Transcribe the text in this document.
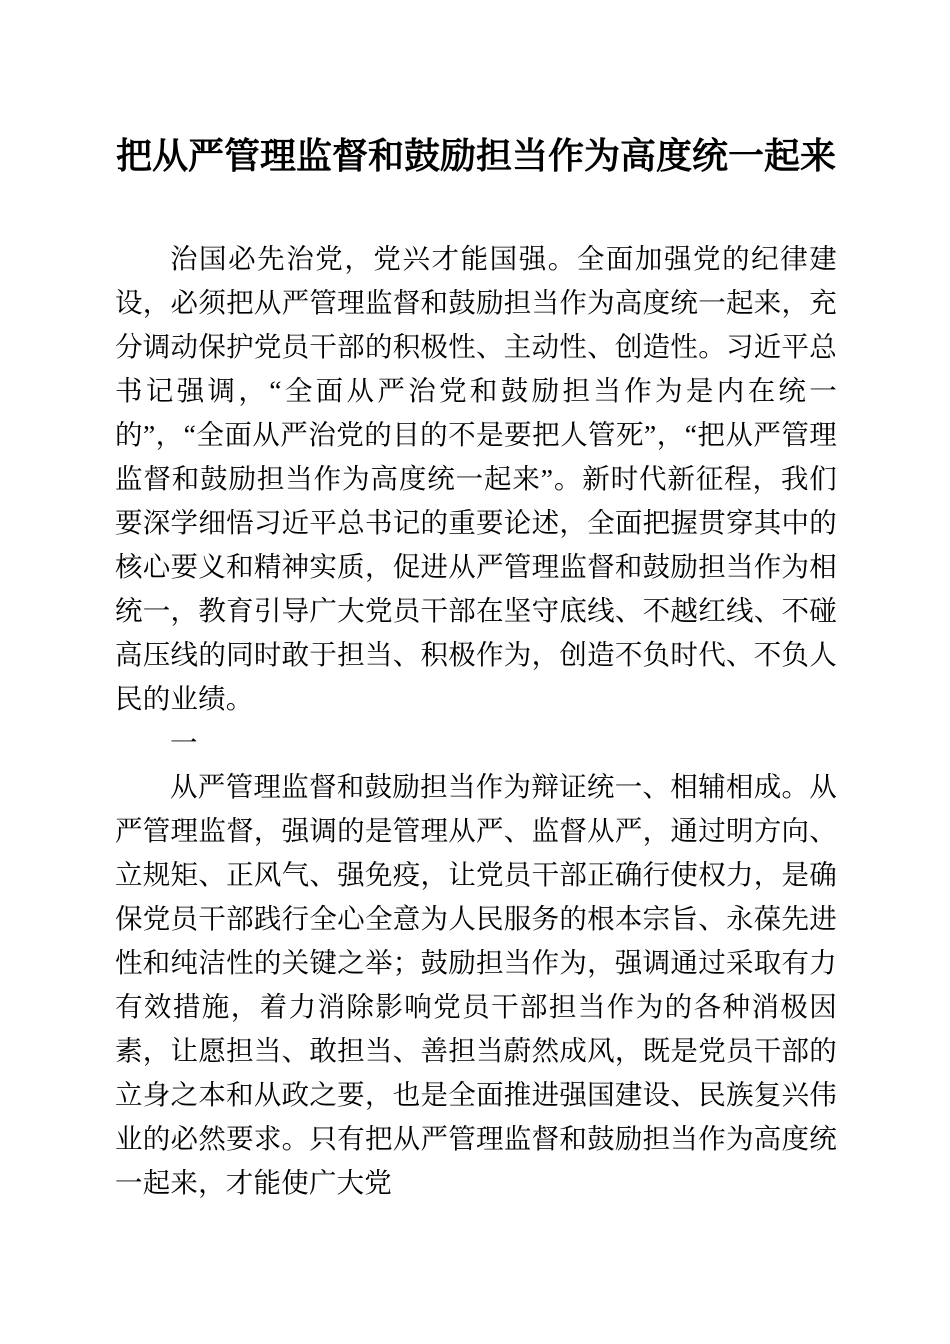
把从严管理监督和鼓励担当作为高度统一起来

治国必先治党，党兴才能国强。全面加强党的纪律建设，必须把从严管理监督和鼓励担当作为高度统一起来，充分调动保护党员干部的积极性、主动性、创造性。习近平总书记强调，“全面从严治党和鼓励担当作为是内在统一的”，“全面从严治党的目的不是要把人管死”，“把从严管理监督和鼓励担当作为高度统一起来”。新时代新征程，我们要深学细悟习近平总书记的重要论述，全面把握贯穿其中的核心要义和精神实质，促进从严管理监督和鼓励担当作为相统一，教育引导广大党员干部在坚守底线、不越红线、不碰高压线的同时敢于担当、积极作为，创造不负时代、不负人民的业绩。

一

从严管理监督和鼓励担当作为辩证统一、相辅相成。从严管理监督，强调的是管理从严、监督从严，通过明方向、立规矩、正风气、强免疫，让党员干部正确行使权力，是确保党员干部践行全心全意为人民服务的根本宗旨、永葆先进性和纯洁性的关键之举；鼓励担当作为，强调通过采取有力有效措施，着力消除影响党员干部担当作为的各种消极因素，让愿担当、敢担当、善担当蔚然成风，既是党员干部的立身之本和从政之要，也是全面推进强国建设、民族复兴伟业的必然要求。只有把从严管理监督和鼓励担当作为高度统一起来，才能使广大党
